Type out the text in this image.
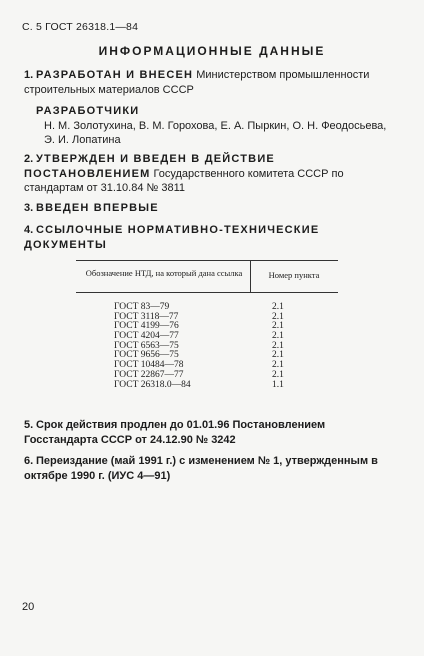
С. 5 ГОСТ 26318.1—84
ИНФОРМАЦИОННЫЕ ДАННЫЕ
1. РАЗРАБОТАН И ВНЕСЕН Министерством промышленности строительных материалов СССР
РАЗРАБОТЧИКИ
Н. М. Золотухина, В. М. Горохова, Е. А. Пыркин, О. Н. Феодосьева, Э. И. Лопатина
2. УТВЕРЖДЕН И ВВЕДЕН В ДЕЙСТВИЕ ПОСТАНОВЛЕНИЕМ Государственного комитета СССР по стандартам от 31.10.84 № 3811
3. ВВЕДЕН ВПЕРВЫЕ
4. ССЫЛОЧНЫЕ НОРМАТИВНО-ТЕХНИЧЕСКИЕ ДОКУМЕНТЫ
Обозначение НТД, на который дана ссылка	Номер пункта
ГОСТ 83—79	2.1
ГОСТ 3118—77	2.1
ГОСТ 4199—76	2.1
ГОСТ 4204—77	2.1
ГОСТ 6563—75	2.1
ГОСТ 9656—75	2.1
ГОСТ 10484—78	2.1
ГОСТ 22867—77	2.1
ГОСТ 26318.0—84	1.1
5. Срок действия продлен до 01.01.96 Постановлением Госстандарта СССР от 24.12.90 № 3242
6. Переиздание (май 1991 г.) с изменением № 1, утвержденным в октябре 1990 г. (ИУС 4—91)
20
